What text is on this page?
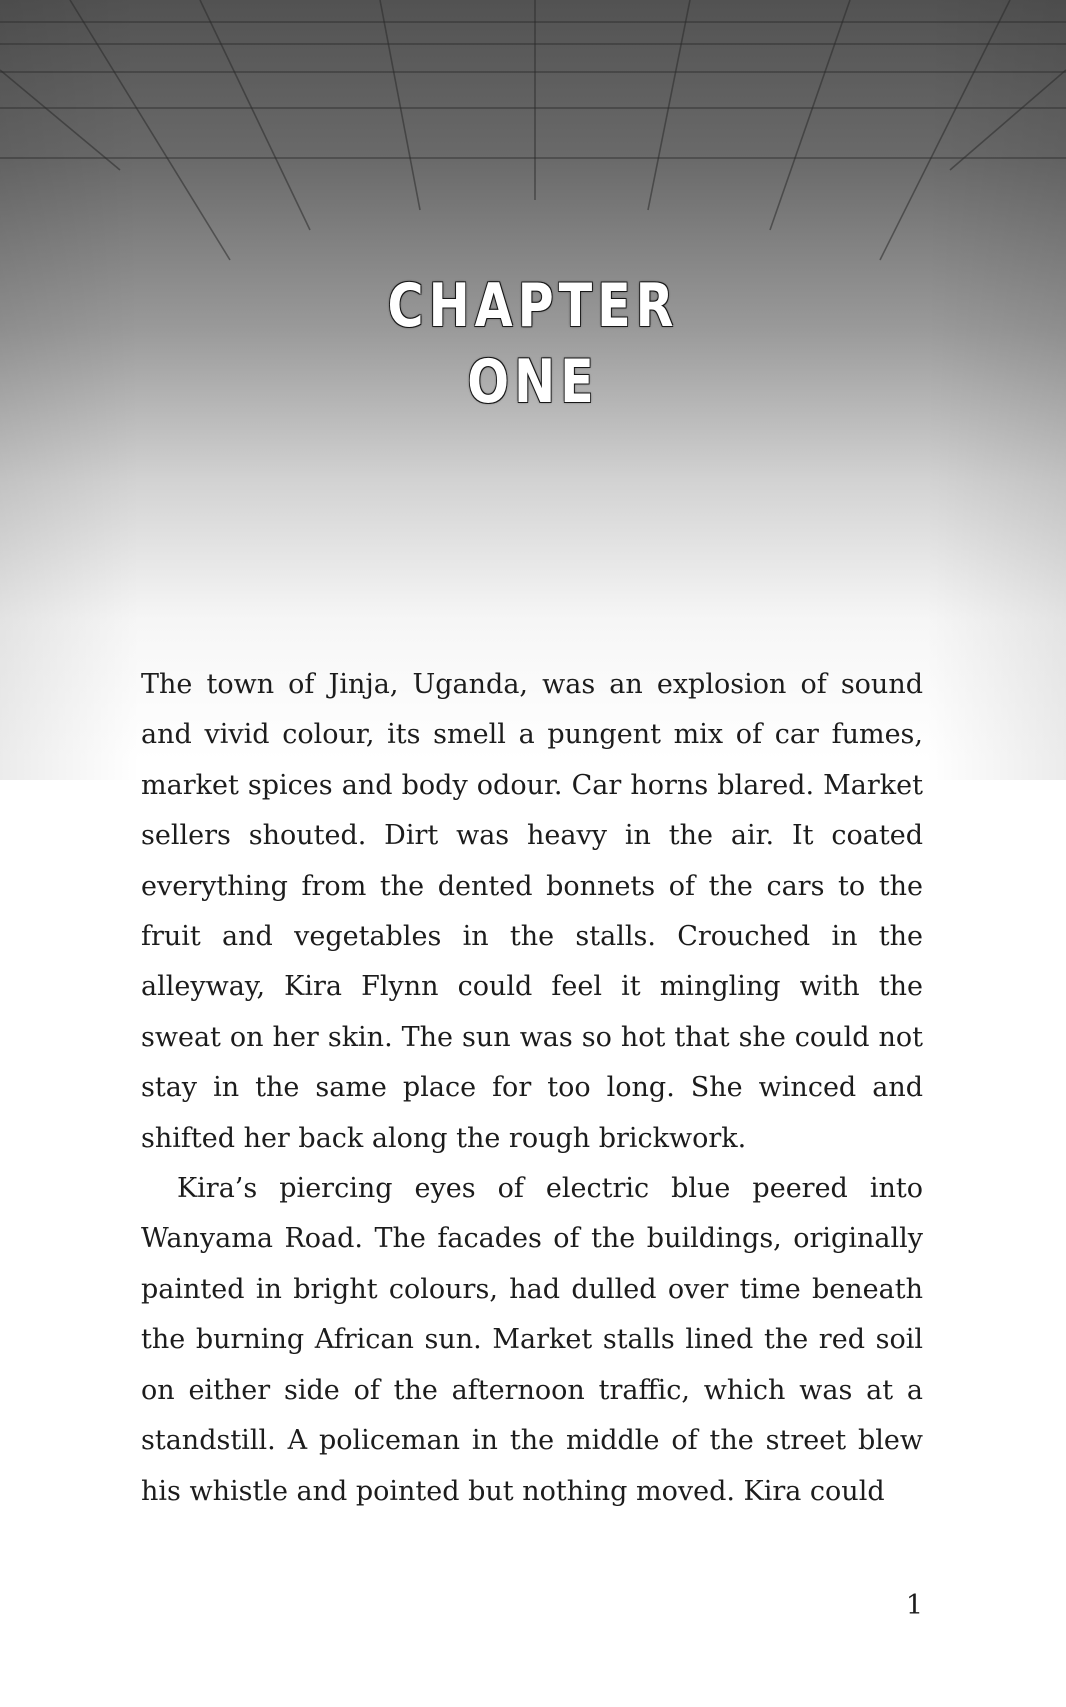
CHAPTER
ONE

The town of Jinja, Uganda, was an explosion of sound and vivid colour, its smell a pungent mix of car fumes, market spices and body odour. Car horns blared. Market sellers shouted. Dirt was heavy in the air. It coated everything from the dented bonnets of the cars to the fruit and vegetables in the stalls. Crouched in the alleyway, Kira Flynn could feel it mingling with the sweat on her skin. The sun was so hot that she could not stay in the same place for too long. She winced and shifted her back along the rough brickwork.

Kira’s piercing eyes of electric blue peered into Wanyama Road. The facades of the buildings, originally painted in bright colours, had dulled over time beneath the burning African sun. Market stalls lined the red soil on either side of the afternoon traffic, which was at a standstill. A policeman in the middle of the street blew his whistle and pointed but nothing moved. Kira could

1
